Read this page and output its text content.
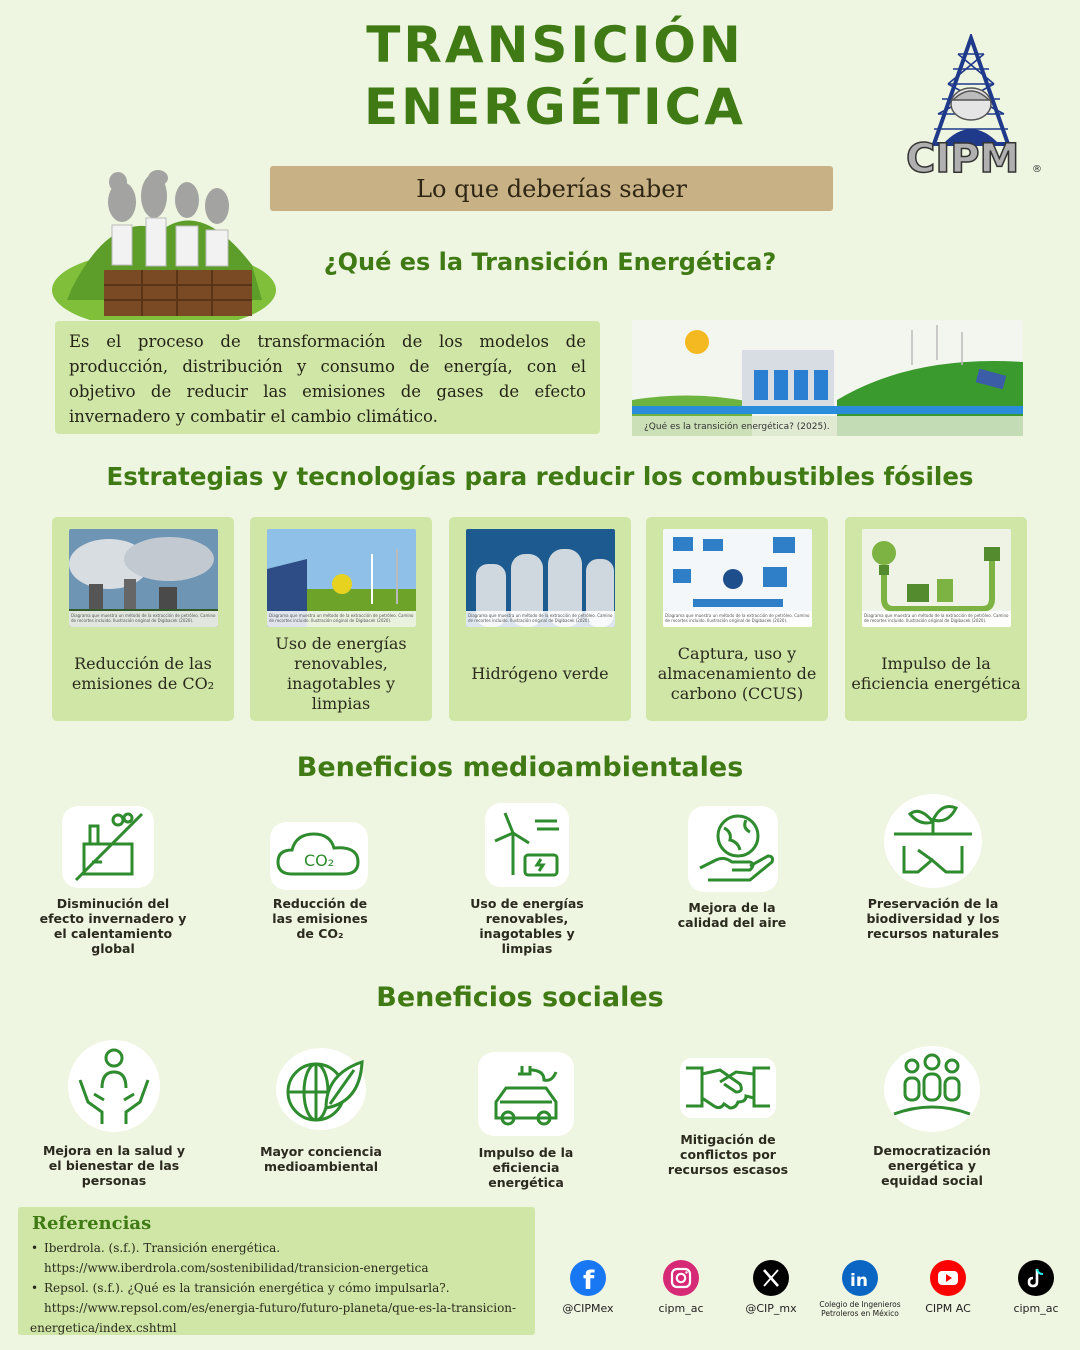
TRANSICIÓN
ENERGÉTICA
Lo que deberías saber
CIPM ®
¿Qué es la Transición Energética?
Es el proceso de transformación de los modelos de producción, distribución y consumo de energía, con el objetivo de reducir las emisiones de gases de efecto invernadero y combatir el cambio climático.
¿Qué es la transición energética? (2025).
Estrategias y tecnologías para reducir los combustibles fósiles
Diagrama que muestra un método de la extracción de petróleo. Camino de recortes incluido. Ilustración original de Digibacek (2020).
Reducción de las emisiones de CO₂
Diagrama que muestra un método de la extracción de petróleo. Camino de recortes incluido. Ilustración original de Digibacek (2020).
Uso de energías renovables, inagotables y limpias
Diagrama que muestra un método de la extracción de petróleo. Camino de recortes incluido. Ilustración original de Digibacek (2020).
Hidrógeno verde
Diagrama que muestra un método de la extracción de petróleo. Camino de recortes incluido. Ilustración original de Digibacek (2020).
Captura, uso y almacenamiento de carbono (CCUS)
Diagrama que muestra un método de la extracción de petróleo. Camino de recortes incluido. Ilustración original de Digibacek (2020).
Impulso de la eficiencia energética
Beneficios medioambientales
Disminución del efecto invernadero y el calentamiento global
CO₂
Reducción de las emisiones de CO₂
Uso de energías renovables, inagotables y limpias
Mejora de la calidad del aire
Preservación de la biodiversidad y los recursos naturales
Beneficios sociales
Mejora en la salud y el bienestar de las personas
Mayor conciencia medioambiental
Impulso de la eficiencia energética
Mitigación de conflictos por recursos escasos
Democratización energética y equidad social
Referencias
• Iberdrola. (s.f.). Transición energética.
https://www.iberdrola.com/sostenibilidad/transicion-energetica
• Repsol. (s.f.). ¿Qué es la transición energética y cómo impulsarla?.
https://www.repsol.com/es/energia-futuro/futuro-planeta/que-es-la-transicion-
energetica/index.cshtml
f
@CIPMex	cipm_ac	@CIP_mx
in
Colegio de Ingenieros Petroleros en México	CIPM AC	cipm_ac
